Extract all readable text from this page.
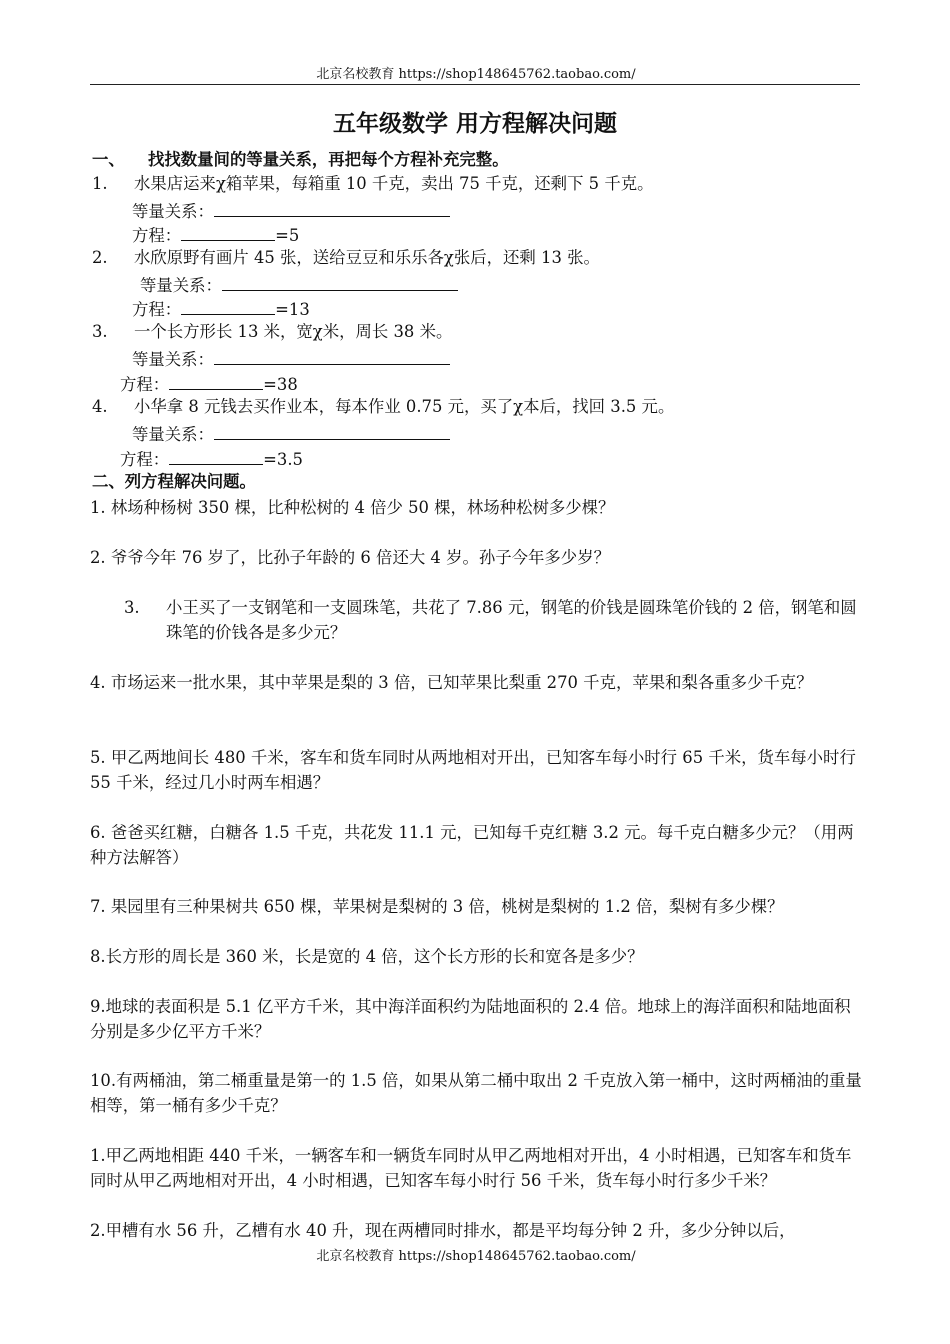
北京名校教育 https://shop148645762.taobao.com/
五年级数学 用方程解决问题
一、 找找数量间的等量关系，再把每个方程补充完整。
1. 水果店运来χ箱苹果，每箱重 10 千克，卖出 75 千克，还剩下 5 千克。
等量关系：
方程：	=5
2. 水欣原野有画片 45 张，送给豆豆和乐乐各χ张后，还剩 13 张。
等量关系：
方程：	=13
3. 一个长方形长 13 米，宽χ米，周长 38 米。
等量关系：
方程：	=38
4. 小华拿 8 元钱去买作业本，每本作业 0.75 元，买了χ本后，找回 3.5 元。
等量关系：
方程：	=3.5
二、列方程解决问题。
1. 林场种杨树 350 棵，比种松树的 4 倍少 50 棵，林场种松树多少棵？
2. 爷爷今年 76 岁了，比孙子年龄的 6 倍还大 4 岁。孙子今年多少岁？
3. 小王买了一支钢笔和一支圆珠笔，共花了 7.86 元，钢笔的价钱是圆珠笔价钱的 2 倍，钢笔和圆珠笔的价钱各是多少元？
4. 市场运来一批水果，其中苹果是梨的 3 倍，已知苹果比梨重 270 千克，苹果和梨各重多少千克？
5. 甲乙两地间长 480 千米，客车和货车同时从两地相对开出，已知客车每小时行 65 千米，货车每小时行 55 千米，经过几小时两车相遇？
6. 爸爸买红糖，白糖各 1.5 千克，共花发 11.1 元，已知每千克红糖 3.2 元。每千克白糖多少元？（用两种方法解答）
7. 果园里有三种果树共 650 棵，苹果树是梨树的 3 倍，桃树是梨树的 1.2 倍，梨树有多少棵？
8.长方形的周长是 360 米，长是宽的 4 倍，这个长方形的长和宽各是多少？
9.地球的表面积是 5.1 亿平方千米，其中海洋面积约为陆地面积的 2.4 倍。地球上的海洋面积和陆地面积分别是多少亿平方千米？
10.有两桶油，第二桶重量是第一的 1.5 倍，如果从第二桶中取出 2 千克放入第一桶中，这时两桶油的重量相等，第一桶有多少千克？
1.甲乙两地相距 440 千米，一辆客车和一辆货车同时从甲乙两地相对开出，4 小时相遇，已知客车和货车同时从甲乙两地相对开出，4 小时相遇，已知客车每小时行 56 千米，货车每小时行多少千米？
2.甲槽有水 56 升，乙槽有水 40 升，现在两槽同时排水，都是平均每分钟 2 升，多少分钟以后，
北京名校教育 https://shop148645762.taobao.com/
